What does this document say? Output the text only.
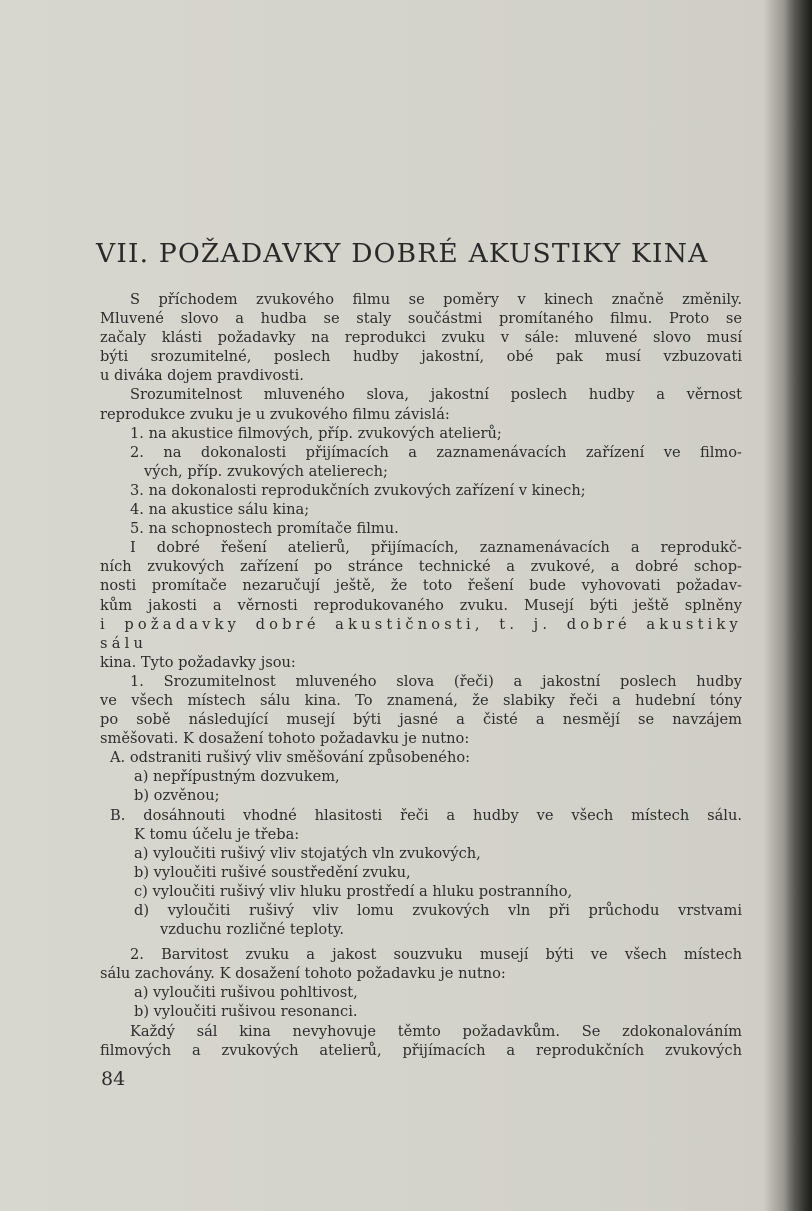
VII. POŽADAVKY DOBRÉ AKUSTIKY KINA
S příchodem zvukového filmu se poměry v kinech značně změnily.
Mluvené slovo a hudba se staly součástmi promítaného filmu. Proto se
začaly klásti požadavky na reprodukci zvuku v sále: mluvené slovo musí
býti srozumitelné, poslech hudby jakostní, obé pak musí vzbuzovati
u diváka dojem pravdivosti.
Srozumitelnost mluveného slova, jakostní poslech hudby a věrnost
reprodukce zvuku je u zvukového filmu závislá:
1. na akustice filmových, příp. zvukových atelierů;
2. na dokonalosti přijímacích a zaznamenávacích zařízení ve filmo-
vých, příp. zvukových atelierech;
3. na dokonalosti reprodukčních zvukových zařízení v kinech;
4. na akustice sálu kina;
5. na schopnostech promítače filmu.
I dobré řešení atelierů, přijímacích, zaznamenávacích a reprodukč-
ních zvukových zařízení po stránce technické a zvukové, a dobré schop-
nosti promítače nezaručují ještě, že toto řešení bude vyhovovati požadav-
kům jakosti a věrnosti reprodukovaného zvuku. Musejí býti ještě splněny
i požadavky dobré akustičnosti, t. j. dobré akustiky sálu
kina. Tyto požadavky jsou:
1. Srozumitelnost mluveného slova (řeči) a jakostní poslech hudby
ve všech místech sálu kina. To znamená, že slabiky řeči a hudební tóny
po sobě následující musejí býti jasné a čisté a nesmějí se navzájem
směšovati. K dosažení tohoto požadavku je nutno:
A. odstraniti rušivý vliv směšování způsobeného:
a) nepřípustným dozvukem,
b) ozvěnou;
B. dosáhnouti vhodné hlasitosti řeči a hudby ve všech místech sálu.
K tomu účelu je třeba:
a) vyloučiti rušivý vliv stojatých vln zvukových,
b) vyloučiti rušivé soustředění zvuku,
c) vyloučiti rušivý vliv hluku prostředí a hluku postranního,
d) vyloučiti rušivý vliv lomu zvukových vln při průchodu vrstvami
vzduchu rozličné teploty.
2. Barvitost zvuku a jakost souzvuku musejí býti ve všech místech
sálu zachovány. K dosažení tohoto požadavku je nutno:
a) vyloučiti rušivou pohltivost,
b) vyloučiti rušivou resonanci.
Každý sál kina nevyhovuje těmto požadavkům. Se zdokonalováním
filmových a zvukových atelierů, přijímacích a reprodukčních zvukových
84
